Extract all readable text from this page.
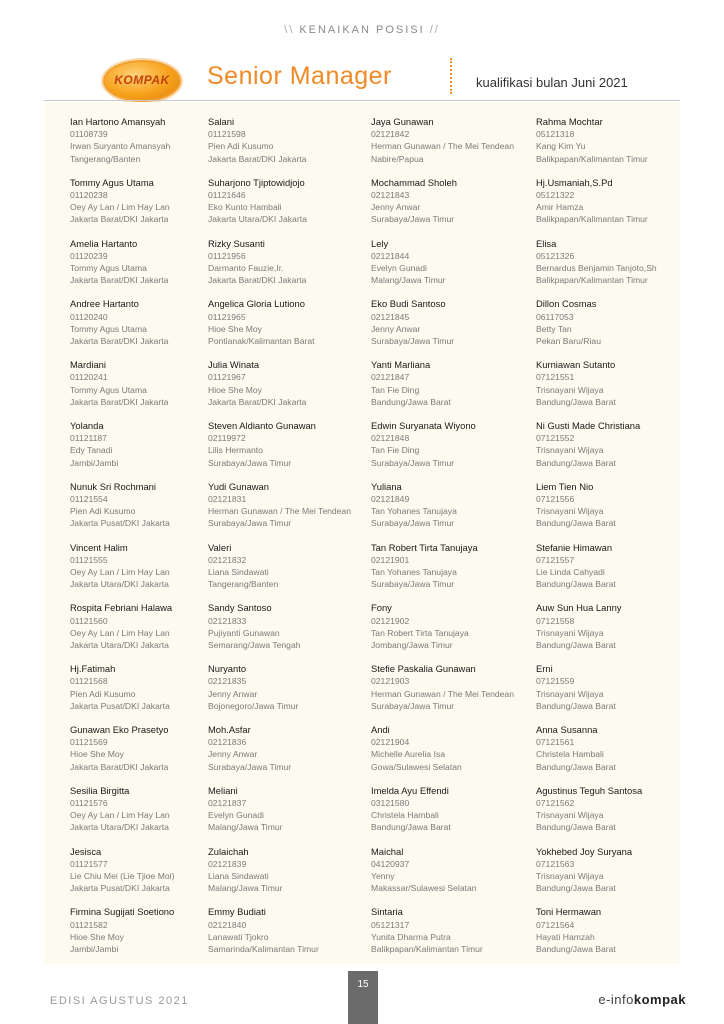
\\ KENAIKAN POSISI //
KOMPAK	Senior Manager	kualifikasi bulan Juni 2021
Ian Hartono Amansyah
01108739
Irwan Suryanto Amansyah
Tangerang/Banten
Tommy Agus Utama
01120238
Oey Ay Lan / Lim Hay Lan
Jakarta Barat/DKI Jakarta
Amelia Hartanto
01120239
Tommy Agus Utama
Jakarta Barat/DKI Jakarta
Andree Hartanto
01120240
Tommy Agus Utama
Jakarta Barat/DKI Jakarta
Mardiani
01120241
Tommy Agus Utama
Jakarta Barat/DKI Jakarta
Yolanda
01121187
Edy Tanadi
Jambi/Jambi
Nunuk Sri Rochmani
01121554
Pien Adi Kusumo
Jakarta Pusat/DKI Jakarta
Vincent Halim
01121555
Oey Ay Lan / Lim Hay Lan
Jakarta Utara/DKI Jakarta
Rospita Febriani Halawa
01121560
Oey Ay Lan / Lim Hay Lan
Jakarta Utara/DKI Jakarta
Hj.Fatimah
01121568
Pien Adi Kusumo
Jakarta Pusat/DKI Jakarta
Gunawan Eko Prasetyo
01121569
Hioe She Moy
Jakarta Barat/DKI Jakarta
Sesilia Birgitta
01121576
Oey Ay Lan / Lim Hay Lan
Jakarta Utara/DKI Jakarta
Jesisca
01121577
Lie Chiu Mei (Lie Tjioe Moi)
Jakarta Pusat/DKI Jakarta
Firmina Sugijati Soetiono
01121582
Hioe She Moy
Jambi/Jambi
Salani
01121598
Pien Adi Kusumo
Jakarta Barat/DKI Jakarta
Suharjono Tjiptowidjojo
01121646
Eko Kunto Hambali
Jakarta Utara/DKI Jakarta
Rizky Susanti
01121956
Darmanto Fauzie,Ir.
Jakarta Barat/DKI Jakarta
Angelica Gloria Lutiono
01121965
Hioe She Moy
Pontianak/Kalimantan Barat
Julia Winata
01121967
Hioe She Moy
Jakarta Barat/DKI Jakarta
Steven Aldianto Gunawan
02119972
Lilis Hermanto
Surabaya/Jawa Timur
Yudi Gunawan
02121831
Herman Gunawan / The Mei Tendean
Surabaya/Jawa Timur
Valeri
02121832
Liana Sindawati
Tangerang/Banten
Sandy Santoso
02121833
Pujiyanti Gunawan
Semarang/Jawa Tengah
Nuryanto
02121835
Jenny Anwar
Bojonegoro/Jawa Timur
Moh.Asfar
02121836
Jenny Anwar
Surabaya/Jawa Timur
Meliani
02121837
Evelyn Gunadi
Malang/Jawa Timur
Zulaichah
02121839
Liana Sindawati
Malang/Jawa Timur
Emmy Budiati
02121840
Lanawati Tjokro
Samarinda/Kalimantan Timur
Jaya Gunawan
02121842
Herman Gunawan / The Mei Tendean
Nabire/Papua
Mochammad Sholeh
02121843
Jenny Anwar
Surabaya/Jawa Timur
Lely
02121844
Evelyn Gunadi
Malang/Jawa Timur
Eko Budi Santoso
02121845
Jenny Anwar
Surabaya/Jawa Timur
Yanti Marliana
02121847
Tan Fie Ding
Bandung/Jawa Barat
Edwin Suryanata Wiyono
02121848
Tan Fie Ding
Surabaya/Jawa Timur
Yuliana
02121849
Tan Yohanes Tanujaya
Surabaya/Jawa Timur
Tan Robert Tirta Tanujaya
02121901
Tan Yohanes Tanujaya
Surabaya/Jawa Timur
Fony
02121902
Tan Robert Tirta Tanujaya
Jombang/Jawa Timur
Stefie Paskalia Gunawan
02121903
Herman Gunawan / The Mei Tendean
Surabaya/Jawa Timur
Andi
02121904
Michelle Aurelia Isa
Gowa/Sulawesi Selatan
Imelda Ayu Effendi
03121580
Christela Hambali
Bandung/Jawa Barat
Maichal
04120937
Yenny
Makassar/Sulawesi Selatan
Sintaria
05121317
Yunita Dharma Putra
Balikpapan/Kalimantan Timur
Rahma Mochtar
05121318
Kang Kim Yu
Balikpapan/Kalimantan Timur
Hj.Usmaniah,S.Pd
05121322
Amir Hamza
Balikpapan/Kalimantan Timur
Elisa
05121326
Bernardus Benjamin Tanjoto,Sh
Balikpapan/Kalimantan Timur
Dillon Cosmas
06117053
Betty Tan
Pekan Baru/Riau
Kurniawan Sutanto
07121551
Trisnayani Wijaya
Bandung/Jawa Barat
Ni Gusti Made Christiana
07121552
Trisnayani Wijaya
Bandung/Jawa Barat
Liem Tien Nio
07121556
Trisnayani Wijaya
Bandung/Jawa Barat
Stefanie Himawan
07121557
Lie Linda Cahyadi
Bandung/Jawa Barat
Auw Sun Hua Lanny
07121558
Trisnayani Wijaya
Bandung/Jawa Barat
Erni
07121559
Trisnayani Wijaya
Bandung/Jawa Barat
Anna Susanna
07121561
Christela Hambali
Bandung/Jawa Barat
Agustinus Teguh Santosa
07121562
Trisnayani Wijaya
Bandung/Jawa Barat
Yokhebed Joy Suryana
07121563
Trisnayani Wijaya
Bandung/Jawa Barat
Toni Hermawan
07121564
Hayati Hamzah
Bandung/Jawa Barat
15
EDISI AGUSTUS 2021	e-infokompak
